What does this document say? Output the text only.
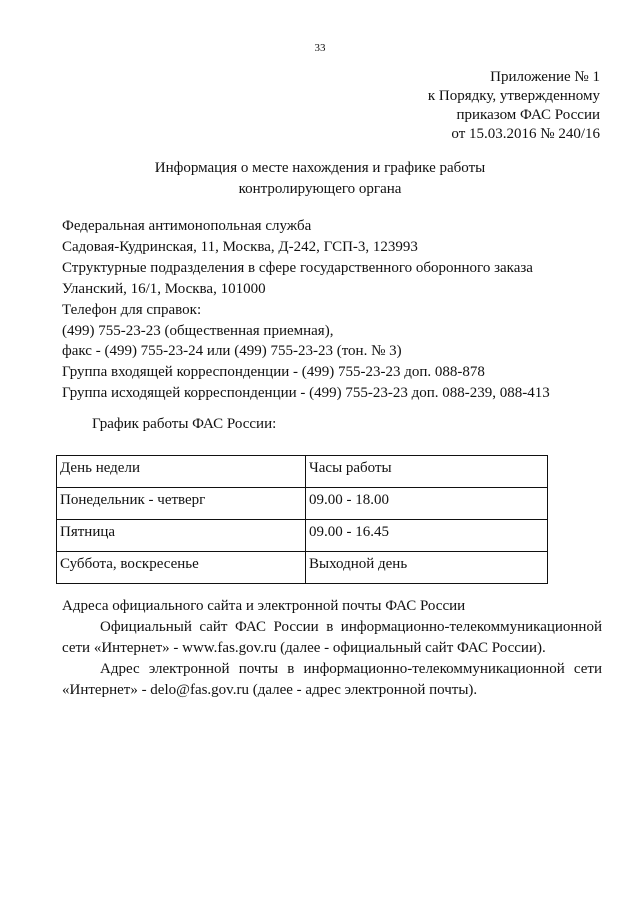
33
Приложение № 1
к Порядку, утвержденному
приказом ФАС России
от 15.03.2016 № 240/16
Информация о месте нахождения и графике работы
контролирующего органа
Федеральная антимонопольная служба
Садовая-Кудринская, 11, Москва, Д-242, ГСП-3, 123993
Структурные подразделения в сфере государственного оборонного заказа
Уланский, 16/1, Москва, 101000
Телефон для справок:
(499) 755-23-23 (общественная приемная),
факс - (499) 755-23-24 или (499) 755-23-23 (тон. № 3)
Группа входящей корреспонденции - (499) 755-23-23 доп. 088-878
Группа исходящей корреспонденции - (499) 755-23-23 доп. 088-239, 088-413
График работы ФАС России:
День недели	Часы работы
Понедельник - четверг	09.00 - 18.00
Пятница	09.00 - 16.45
Суббота, воскресенье	Выходной день
Адреса официального сайта и электронной почты ФАС России
Официальный сайт ФАС России в информационно-телекоммуникационной
сети «Интернет» - www.fas.gov.ru (далее - официальный сайт ФАС России).
Адрес электронной почты в информационно-телекоммуникационной сети
«Интернет» - delo@fas.gov.ru (далее - адрес электронной почты).
